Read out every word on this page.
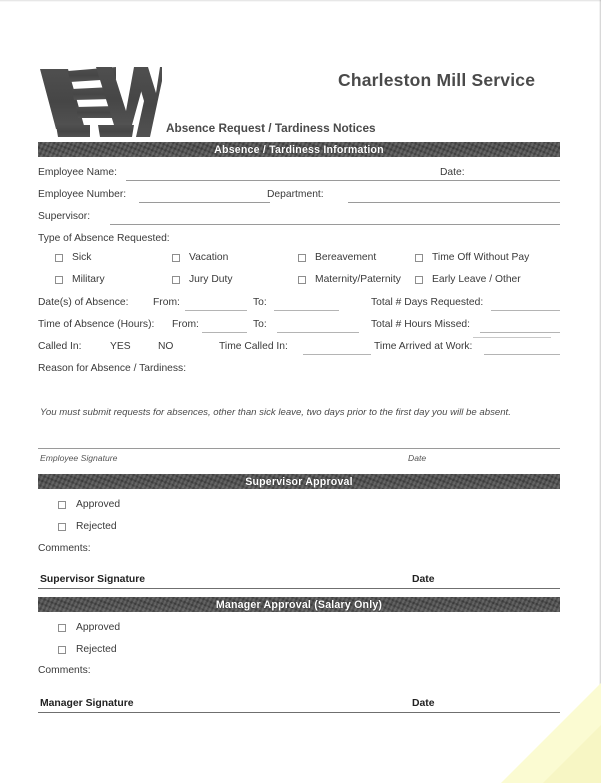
Charleston Mill Service
Absence Request / Tardiness Notices
Absence / Tardiness Information
Employee Name:	Date:
Employee Number:	Department:
Supervisor:
Type of Absence Requested:
Sick	Vacation	Bereavement	Time Off Without Pay
Military	Jury Duty	Maternity/Paternity	Early Leave / Other
Date(s) of Absence: From:	To:	Total # Days Requested:
Time of Absence (Hours): From:	To:	Total # Hours Missed:
Called In:	YES	NO	Time Called In:	Time Arrived at Work:
Reason for Absence / Tardiness:
You must submit requests for absences, other than sick leave, two days prior to the first day you will be absent.
Employee Signature	Date
Supervisor Approval
Approved
Rejected
Comments:
Supervisor Signature	Date
Manager Approval (Salary Only)
Approved
Rejected
Comments:
Manager Signature	Date
